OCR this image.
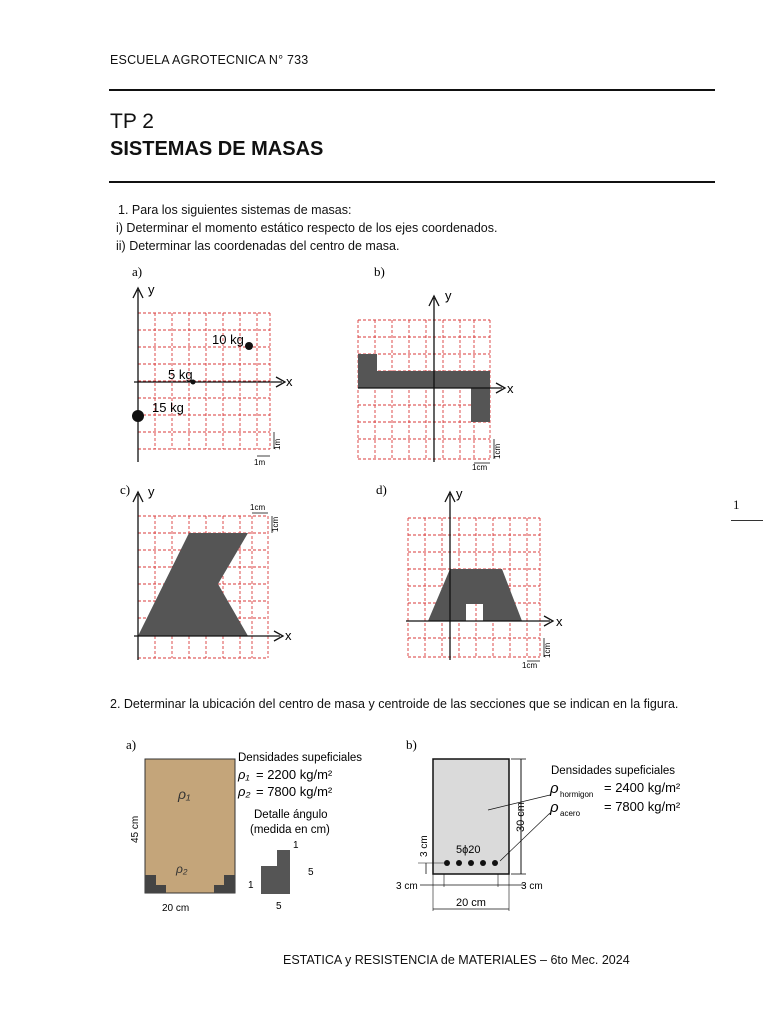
ESCUELA AGROTECNICA N° 733
TP 2
SISTEMAS DE MASAS
1. Para los siguientes sistemas de masas:
i) Determinar el momento estático respecto de los ejes coordenados.
ii) Determinar las coordenadas del centro de masa.
a)
y
x
10 kg
5 kg
15 kg
1m
1m
b)
y
x
1cm
1cm
c) y
x
1cm
1cm
d)	y
x
1cm
1cm
1
2. Determinar la ubicación del centro de masa y centroide de las secciones que se indican en la figura.
a)
ρ₁
ρ₂
45 cm
20 cm
Densidades supeficiales
ρ₁ = 2200 kg/m²
ρ₂ = 7800 kg/m²
Detalle ángulo
(medida en cm)
1
5
1
5
b)
5ϕ20
30 cm
3 cm
3 cm	3 cm
20 cm
Densidades supeficiales
ρ hormigon = 2400 kg/m²
ρ acero = 7800 kg/m²
ESTATICA y RESISTENCIA de MATERIALES – 6to Mec. 2024
